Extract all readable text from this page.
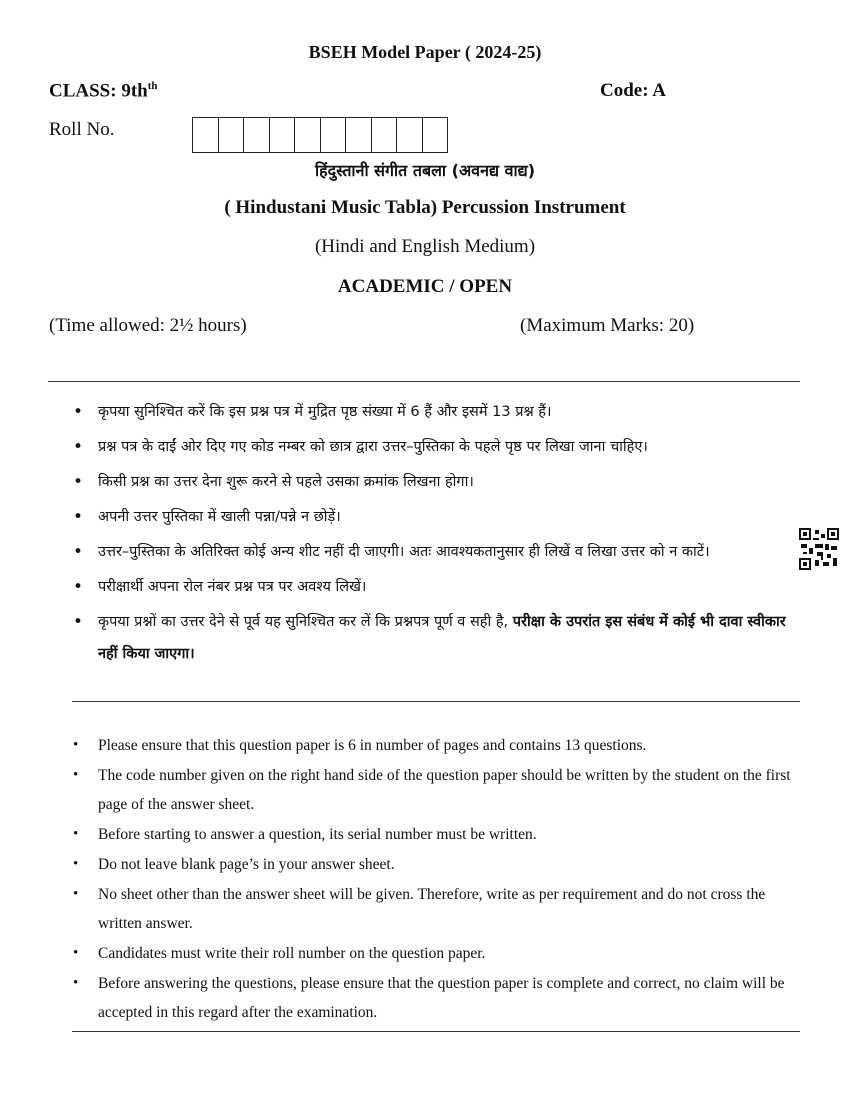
BSEH Model Paper ( 2024-25)
CLASS: $9th^{th}$	Code: A
Roll No.
हिंदुस्तानी संगीत तबला (अवनद्य वाद्य)
( Hindustani Music Tabla) Percussion Instrument
(Hindi and English Medium)
ACADEMIC / OPEN
(Time allowed: 2½ hours)	(Maximum Marks: 20)
• कृपया सुनिश्चित करें कि इस प्रश्न पत्र में मुद्रित पृष्ठ संख्या में 6 हैं और इसमें 13 प्रश्न हैं।
• प्रश्न पत्र के दाईं ओर दिए गए कोड नम्बर को छात्र द्वारा उत्तर–पुस्तिका के पहले पृष्ठ पर लिखा जाना चाहिए।
• किसी प्रश्न का उत्तर देना शुरू करने से पहले उसका क्रमांक लिखना होगा।
• अपनी उत्तर पुस्तिका में खाली पन्ना/पन्ने न छोड़ें।
• उत्तर–पुस्तिका के अतिरिक्त कोई अन्य शीट नहीं दी जाएगी। अतः आवश्यकतानुसार ही लिखें व लिखा उत्तर को न काटें।
• परीक्षार्थी अपना रोल नंबर प्रश्न पत्र पर अवश्य लिखें।
• कृपया प्रश्नों का उत्तर देने से पूर्व यह सुनिश्चित कर लें कि प्रश्नपत्र पूर्ण व सही है, परीक्षा के उपरांत इस संबंध में कोई भी दावा स्वीकार नहीं किया जाएगा।
• Please ensure that this question paper is 6 in number of pages and contains 13 questions.
• The code number given on the right hand side of the question paper should be written by the student on the first page of the answer sheet.
• Before starting to answer a question, its serial number must be written.
• Do not leave blank page’s in your answer sheet.
• No sheet other than the answer sheet will be given. Therefore, write as per requirement and do not cross the written answer.
• Candidates must write their roll number on the question paper.
• Before answering the questions, please ensure that the question paper is complete and correct, no claim will be accepted in this regard after the examination.
